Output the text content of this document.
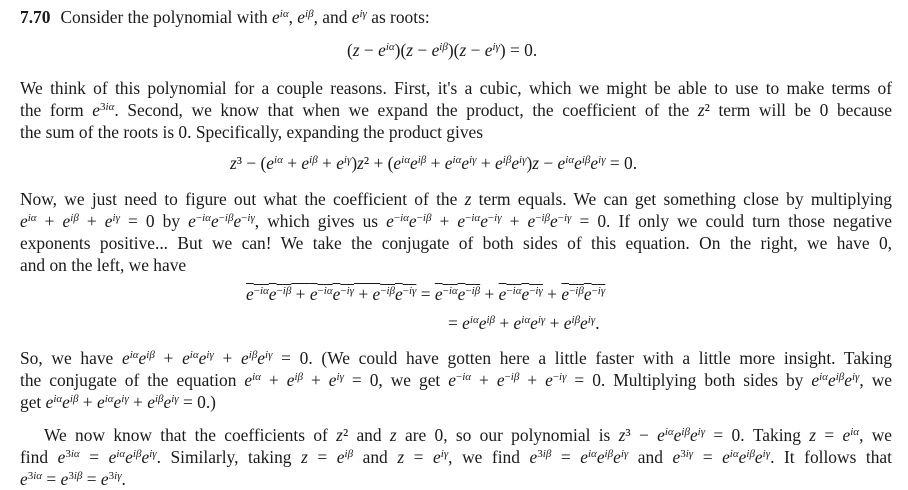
7.70 Consider the polynomial with $e^{i\alpha}$, $e^{i\beta}$, and $e^{i\gamma}$ as roots:
$(z - e^{i\alpha})(z - e^{i\beta})(z - e^{i\gamma}) = 0$.
We think of this polynomial for a couple reasons. First, it's a cubic, which we might be able to use to make terms of
the form $e^{3i\alpha}$. Second, we know that when we expand the product, the coefficient of the z² term will be 0 because
the sum of the roots is 0. Specifically, expanding the product gives
$z^3 - (e^{i\alpha} + e^{i\beta} + e^{i\gamma})z^2 + (e^{i\alpha}e^{i\beta} + e^{i\alpha}e^{i\gamma} + e^{i\beta}e^{i\gamma})z - e^{i\alpha}e^{i\beta}e^{i\gamma} = 0$.
Now, we just need to figure out what the coefficient of the z term equals. We can get something close by multiplying
$e^{i\alpha} + e^{i\beta} + e^{i\gamma} = 0$ by $e^{-i\alpha}e^{-i\beta}e^{-i\gamma}$, which gives us $e^{-i\alpha}e^{-i\beta} + e^{-i\alpha}e^{-i\gamma} + e^{-i\beta}e^{-i\gamma} = 0$. If only we could turn those negative
exponents positive... But we can! We take the conjugate of both sides of this equation. On the right, we have 0,
and on the left, we have
$e^{-i\alpha}e^{-i\beta} + e^{-i\alpha}e^{-i\gamma} + e^{-i\beta}e^{-i\gamma} = e^{-i\alpha}e^{-i\beta} + e^{-i\alpha}e^{-i\gamma} + e^{-i\beta}e^{-i\gamma}$
= $e^{i\alpha}e^{i\beta} + e^{i\alpha}e^{i\gamma} + e^{i\beta}e^{i\gamma}$.
So, we have $e^{i\alpha}e^{i\beta} + e^{i\alpha}e^{i\gamma} + e^{i\beta}e^{i\gamma} = 0$. (We could have gotten here a little faster with a little more insight. Taking
the conjugate of the equation $e^{i\alpha} + e^{i\beta} + e^{i\gamma} = 0$, we get $e^{-i\alpha} + e^{-i\beta} + e^{-i\gamma} = 0$. Multiplying both sides by $e^{i\alpha}e^{i\beta}e^{i\gamma}$, we
get $e^{i\alpha}e^{i\beta} + e^{i\alpha}e^{i\gamma} + e^{i\beta}e^{i\gamma} = 0$.)
We now know that the coefficients of z² and z are 0, so our polynomial is $z^3 - e^{i\alpha}e^{i\beta}e^{i\gamma} = 0$. Taking $z = e^{i\alpha}$, we
find $e^{3i\alpha} = e^{i\alpha}e^{i\beta}e^{i\gamma}$. Similarly, taking $z = e^{i\beta}$ and $z = e^{i\gamma}$, we find $e^{3i\beta} = e^{i\alpha}e^{i\beta}e^{i\gamma}$ and $e^{3i\gamma} = e^{i\alpha}e^{i\beta}e^{i\gamma}$. It follows that
$e^{3i\alpha} = e^{3i\beta} = e^{3i\gamma}$.
